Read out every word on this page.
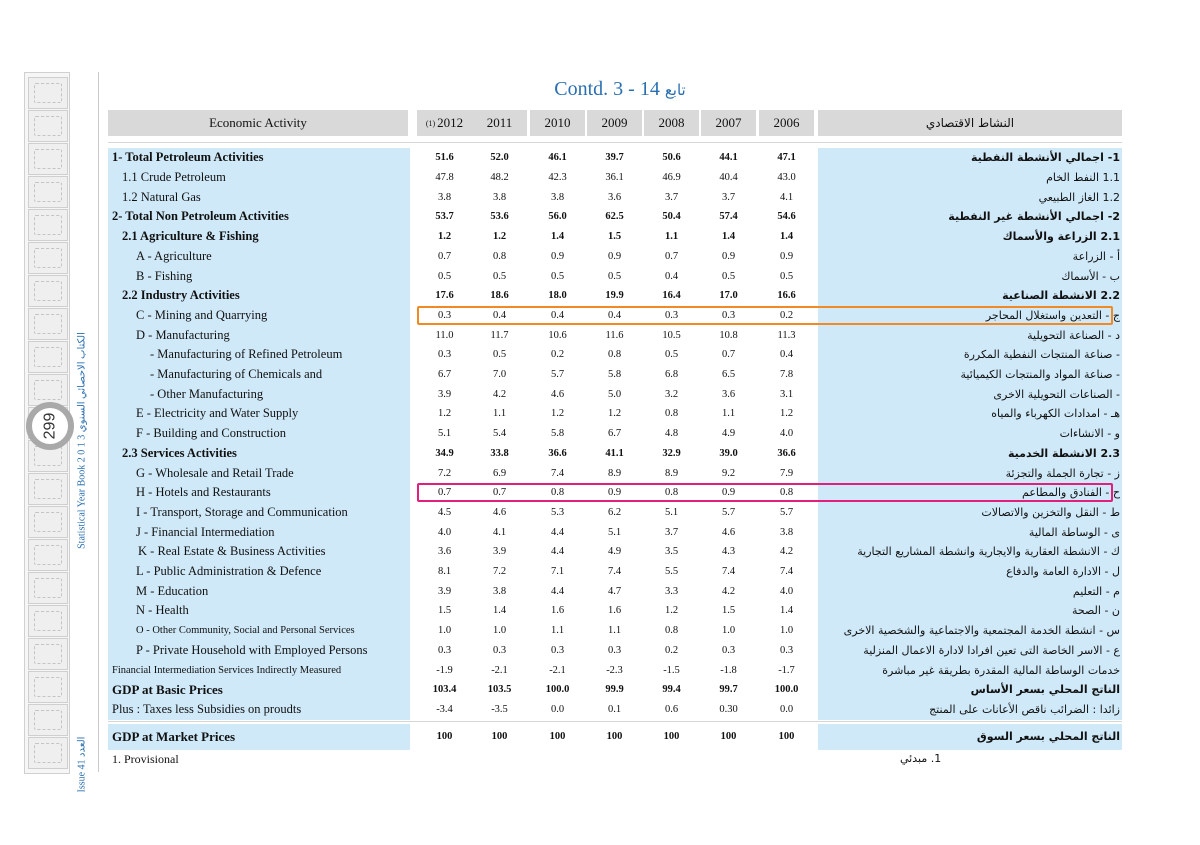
Statistical Year Book 2 0 1 3 الكتاب الاحصائي السنوي
Issue 41 العدد
299
Contd. 3 - 14 تابع
Economic Activity	(1) 2012 2011 2010 2009 2008 2007 2006	النشاط الاقتصادي
1- Total Petroleum Activities	51.6	52.0	46.1	39.7	50.6	44.1	47.1	1- اجمالي الأنشطة النفطية
1.1 Crude Petroleum	47.8	48.2	42.3	36.1	46.9	40.4	43.0	1.1 النفط الخام
1.2 Natural Gas	3.8	3.8	3.8	3.6	3.7	3.7	4.1	1.2 الغاز الطبيعي
2- Total Non Petroleum Activities	53.7	53.6	56.0	62.5	50.4	57.4	54.6	2- اجمالي الأنشطة غير النفطية
2.1 Agriculture & Fishing	1.2	1.2	1.4	1.5	1.1	1.4	1.4	2.1 الزراعة والأسماك
A - Agriculture	0.7	0.8	0.9	0.9	0.7	0.9	0.9	أ - الزراعة
B - Fishing	0.5	0.5	0.5	0.5	0.4	0.5	0.5	ب - الأسماك
2.2 Industry Activities	17.6	18.6	18.0	19.9	16.4	17.0	16.6	2.2 الانشطة الصناعية
C - Mining and Quarrying	0.3	0.4	0.4	0.4	0.3	0.3	0.2	ج - التعدين واستغلال المحاجر
D - Manufacturing	11.0	11.7	10.6	11.6	10.5	10.8	11.3	د - الصناعة التحويلية
- Manufacturing of Refined Petroleum	0.3	0.5	0.2	0.8	0.5	0.7	0.4	- صناعة المنتجات النفطية المكررة
- Manufacturing of Chemicals and	6.7	7.0	5.7	5.8	6.8	6.5	7.8	- صناعة المواد والمنتجات الكيميائية
- Other Manufacturing	3.9	4.2	4.6	5.0	3.2	3.6	3.1	- الصناعات التحويلية الاخرى
E - Electricity and Water Supply	1.2	1.1	1.2	1.2	0.8	1.1	1.2	هـ - امدادات الكهرباء والمياه
F - Building and Construction	5.1	5.4	5.8	6.7	4.8	4.9	4.0	و - الانشاءات
2.3 Services Activities	34.9	33.8	36.6	41.1	32.9	39.0	36.6	2.3 الانشطة الخدمية
G - Wholesale and Retail Trade	7.2	6.9	7.4	8.9	8.9	9.2	7.9	ز - تجارة الجملة والتجزئة
H - Hotels and Restaurants	0.7	0.7	0.8	0.9	0.8	0.9	0.8	ح - الفنادق والمطاعم
I - Transport, Storage and Communication	4.5	4.6	5.3	6.2	5.1	5.7	5.7	ط - النقل والتخزين والاتصالات
J - Financial Intermediation	4.0	4.1	4.4	5.1	3.7	4.6	3.8	ى - الوساطة المالية
K - Real Estate & Business Activities	3.6	3.9	4.4	4.9	3.5	4.3	4.2	ك - الانشطة العقارية والايجارية وانشطة المشاريع التجارية
L - Public Administration & Defence	8.1	7.2	7.1	7.4	5.5	7.4	7.4	ل - الادارة العامة والدفاع
M - Education	3.9	3.8	4.4	4.7	3.3	4.2	4.0	م - التعليم
N - Health	1.5	1.4	1.6	1.6	1.2	1.5	1.4	ن - الصحة
O - Other Community, Social and Personal Services	1.0	1.0	1.1	1.1	0.8	1.0	1.0	س - انشطة الخدمة المجتمعية والاجتماعية والشخصية الاخرى
P - Private Household with Employed Persons	0.3	0.3	0.3	0.3	0.2	0.3	0.3	ع - الاسر الخاصة التى تعين افرادا لادارة الاعمال المنزلية
Financial Intermediation Services Indirectly Measured	-1.9	-2.1	-2.1	-2.3	-1.5	-1.8	-1.7	خدمات الوساطة المالية المقدرة بطريقة غير مباشرة
GDP at Basic Prices	103.4	103.5	100.0	99.9	99.4	99.7	100.0	الناتج المحلي بسعر الأساس
Plus : Taxes less Subsidies on proudts	-3.4	-3.5	0.0	0.1	0.6	0.30	0.0	زائدا : الضرائب ناقص الأعانات على المنتج
GDP at Market Prices	100	100	100	100	100	100	100	الناتج المحلي بسعر السوق
1. Provisional	1. مبدئي
